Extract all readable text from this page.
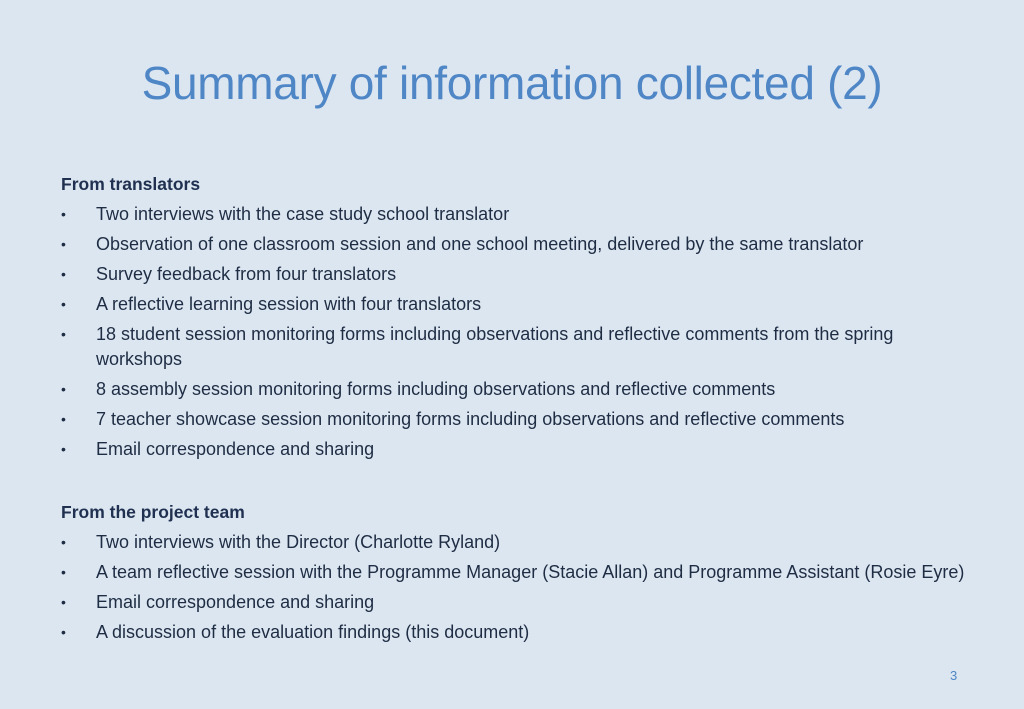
Summary of information collected (2)
From translators
• Two interviews with the case study school translator
• Observation of one classroom session and one school meeting, delivered by the same translator
• Survey feedback from four translators
• A reflective learning session with four translators
• 18 student session monitoring forms including observations and reflective comments from the spring workshops
• 8 assembly session monitoring forms including observations and reflective comments
• 7 teacher showcase session monitoring forms including observations and reflective comments
• Email correspondence and sharing
From the project team
• Two interviews with the Director (Charlotte Ryland)
• A team reflective session with the Programme Manager (Stacie Allan) and Programme Assistant (Rosie Eyre)
• Email correspondence and sharing
• A discussion of the evaluation findings (this document)
3
